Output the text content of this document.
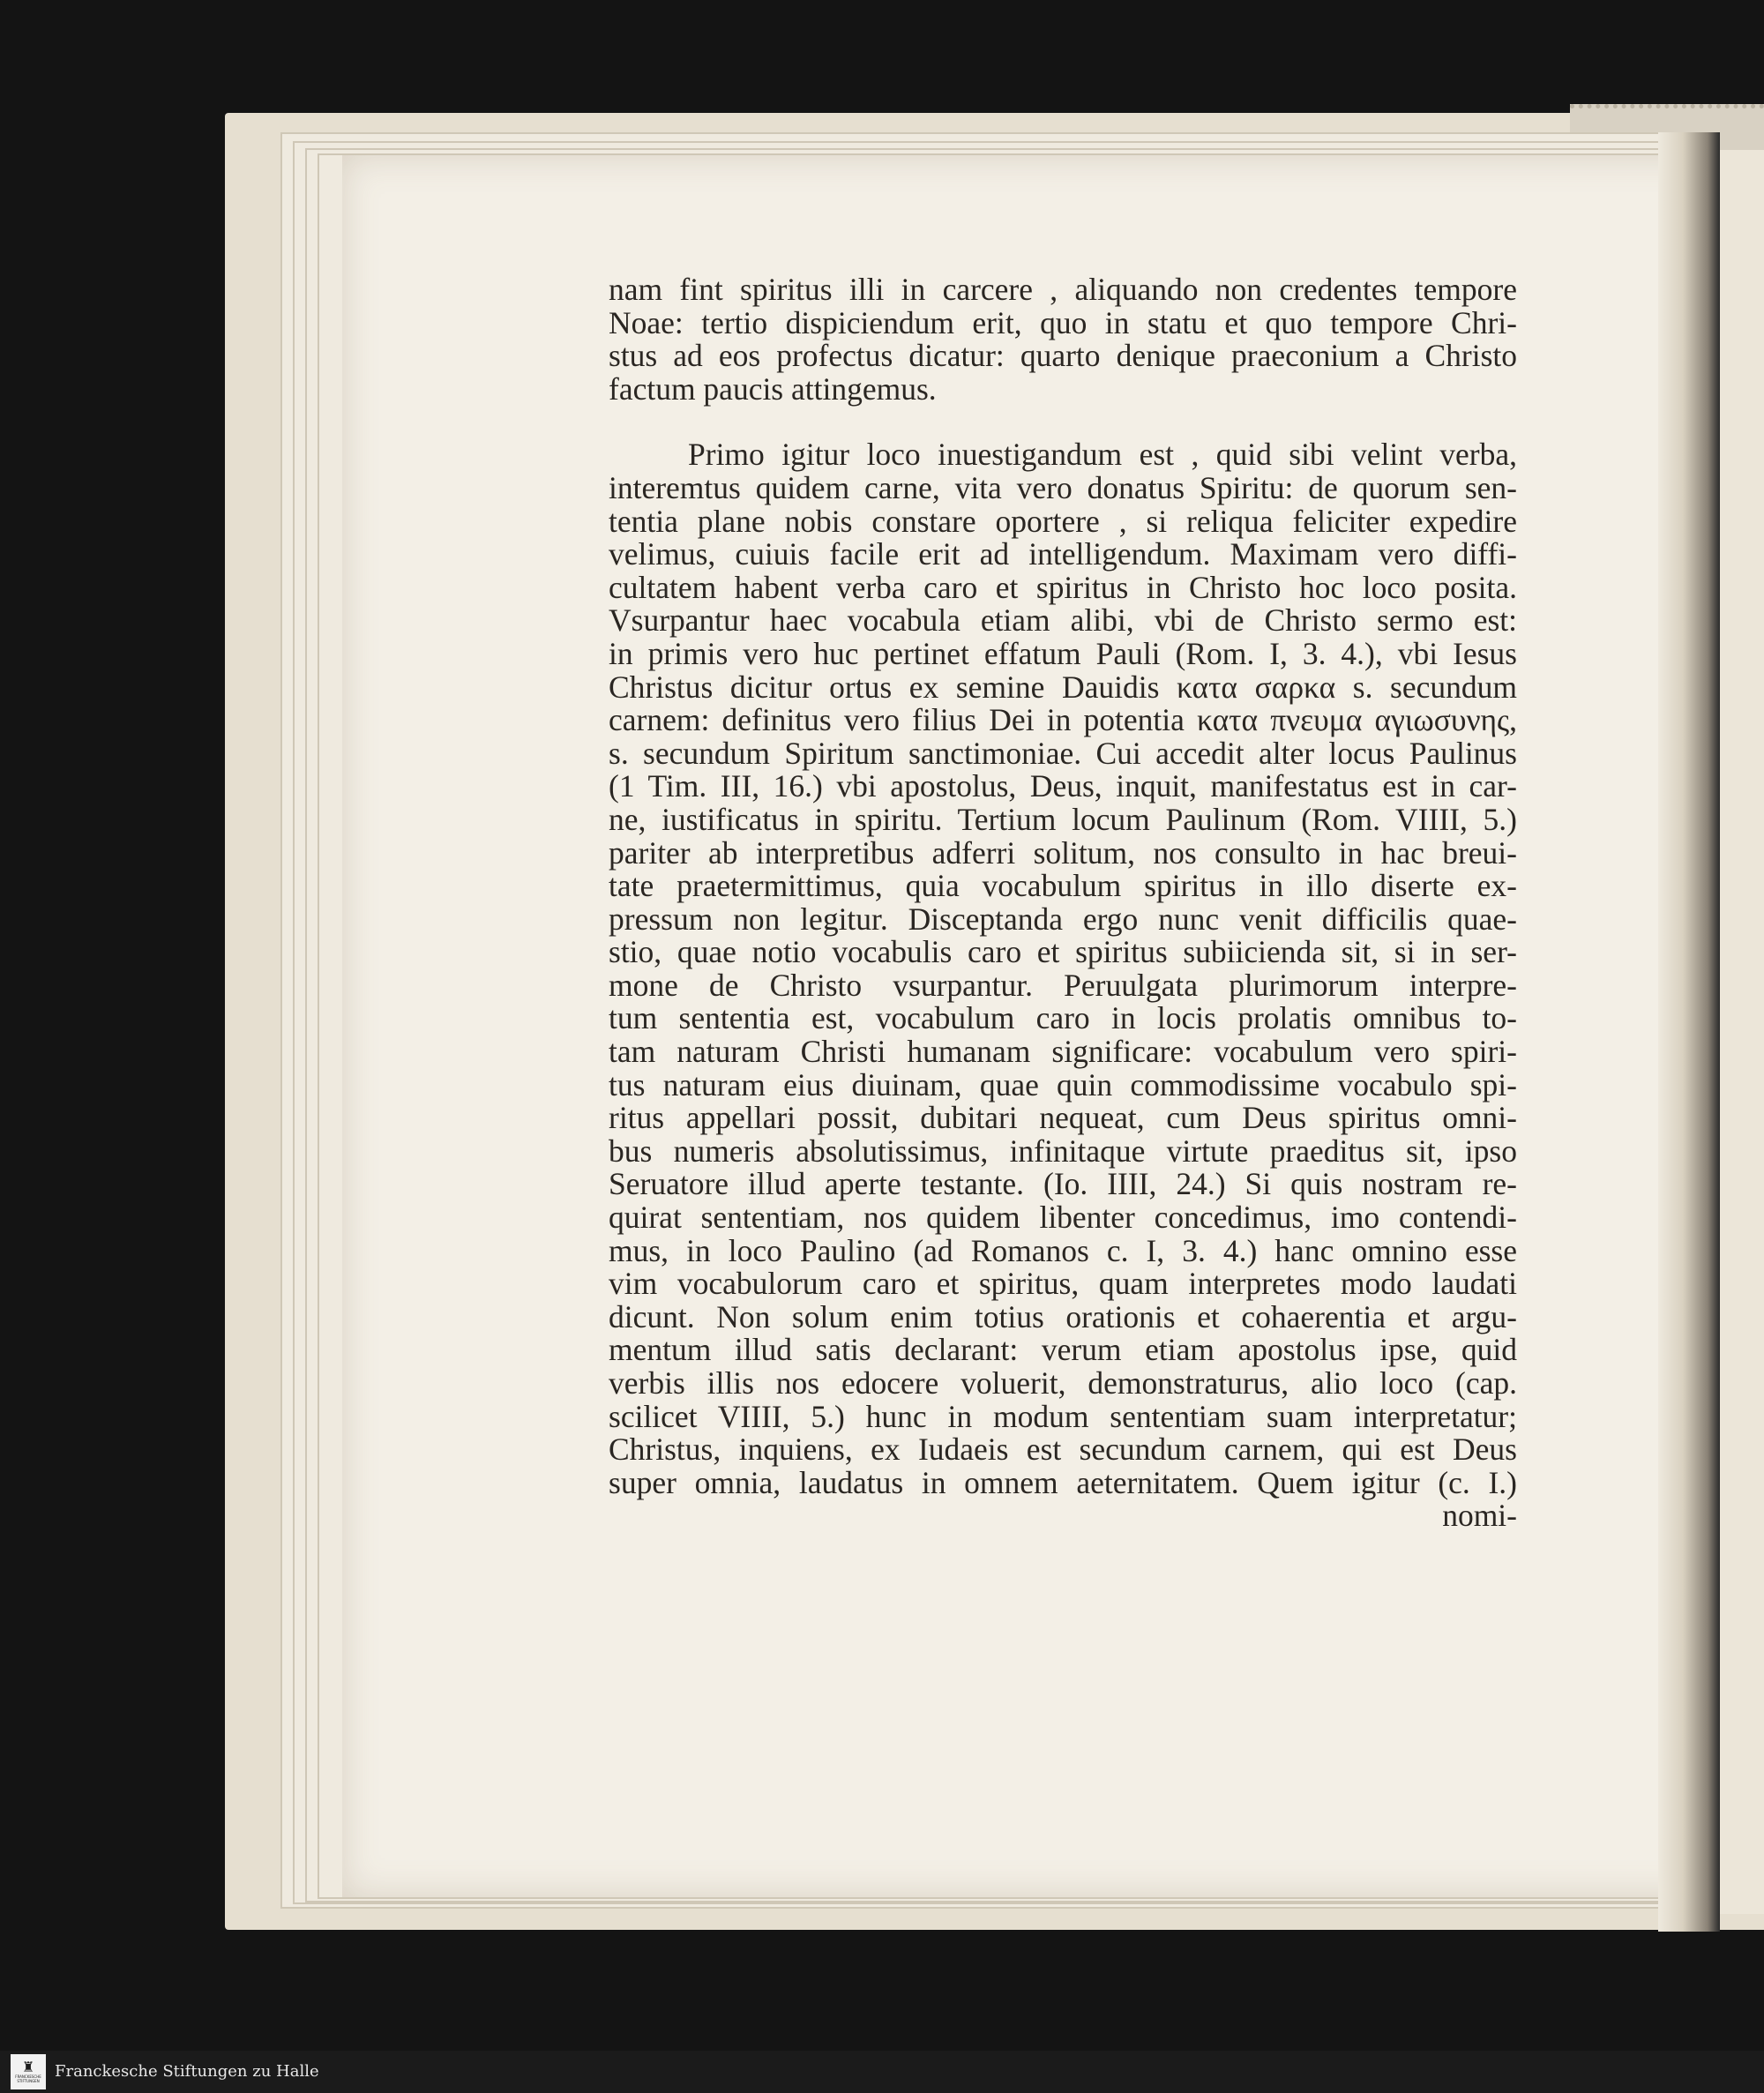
nam fint spiritus illi in carcere , aliquando non credentes tempore
Noae: tertio dispiciendum erit, quo in statu et quo tempore Chri-
stus ad eos profectus dicatur: quarto denique praeconium a Christo
factum paucis attingemus.

Primo igitur loco inuestigandum est , quid sibi velint verba,
interemtus quidem carne, vita vero donatus Spiritu: de quorum sen-
tentia plane nobis constare oportere , si reliqua feliciter expedire
velimus, cuiuis facile erit ad intelligendum. Maximam vero diffi-
cultatem habent verba caro et spiritus in Christo hoc loco posita.
Vsurpantur haec vocabula etiam alibi, vbi de Christo sermo est:
in primis vero huc pertinet effatum Pauli (Rom. I, 3. 4.), vbi Iesus
Christus dicitur ortus ex semine Dauidis κατα σαρκα s. secundum
carnem: definitus vero filius Dei in potentia κατα πνευμα αγιωσυνης,
s. secundum Spiritum sanctimoniae. Cui accedit alter locus Paulinus
(1 Tim. III, 16.) vbi apostolus, Deus, inquit, manifestatus est in car-
ne, iustificatus in spiritu. Tertium locum Paulinum (Rom. VIIII, 5.)
pariter ab interpretibus adferri solitum, nos consulto in hac breui-
tate praetermittimus, quia vocabulum spiritus in illo diserte ex-
pressum non legitur. Disceptanda ergo nunc venit difficilis quae-
stio, quae notio vocabulis caro et spiritus subiicienda sit, si in ser-
mone de Christo vsurpantur. Peruulgata plurimorum interpre-
tum sententia est, vocabulum caro in locis prolatis omnibus to-
tam naturam Christi humanam significare: vocabulum vero spiri-
tus naturam eius diuinam, quae quin commodissime vocabulo spi-
ritus appellari possit, dubitari nequeat, cum Deus spiritus omni-
bus numeris absolutissimus, infinitaque virtute praeditus sit, ipso
Seruatore illud aperte testante. (Io. IIII, 24.) Si quis nostram re-
quirat sententiam, nos quidem libenter concedimus, imo contendi-
mus, in loco Paulino (ad Romanos c. I, 3. 4.) hanc omnino esse
vim vocabulorum caro et spiritus, quam interpretes modo laudati
dicunt. Non solum enim totius orationis et cohaerentia et argu-
mentum illud satis declarant: verum etiam apostolus ipse, quid
verbis illis nos edocere voluerit, demonstraturus, alio loco (cap.
scilicet VIIII, 5.) hunc in modum sententiam suam interpretatur;
Christus, inquiens, ex Iudaeis est secundum carnem, qui est Deus
super omnia, laudatus in omnem aeternitatem. Quem igitur (c. I.)
nomi-

♜
FRANCKESCHE
STIFTUNGEN
Franckesche Stiftungen zu Halle
